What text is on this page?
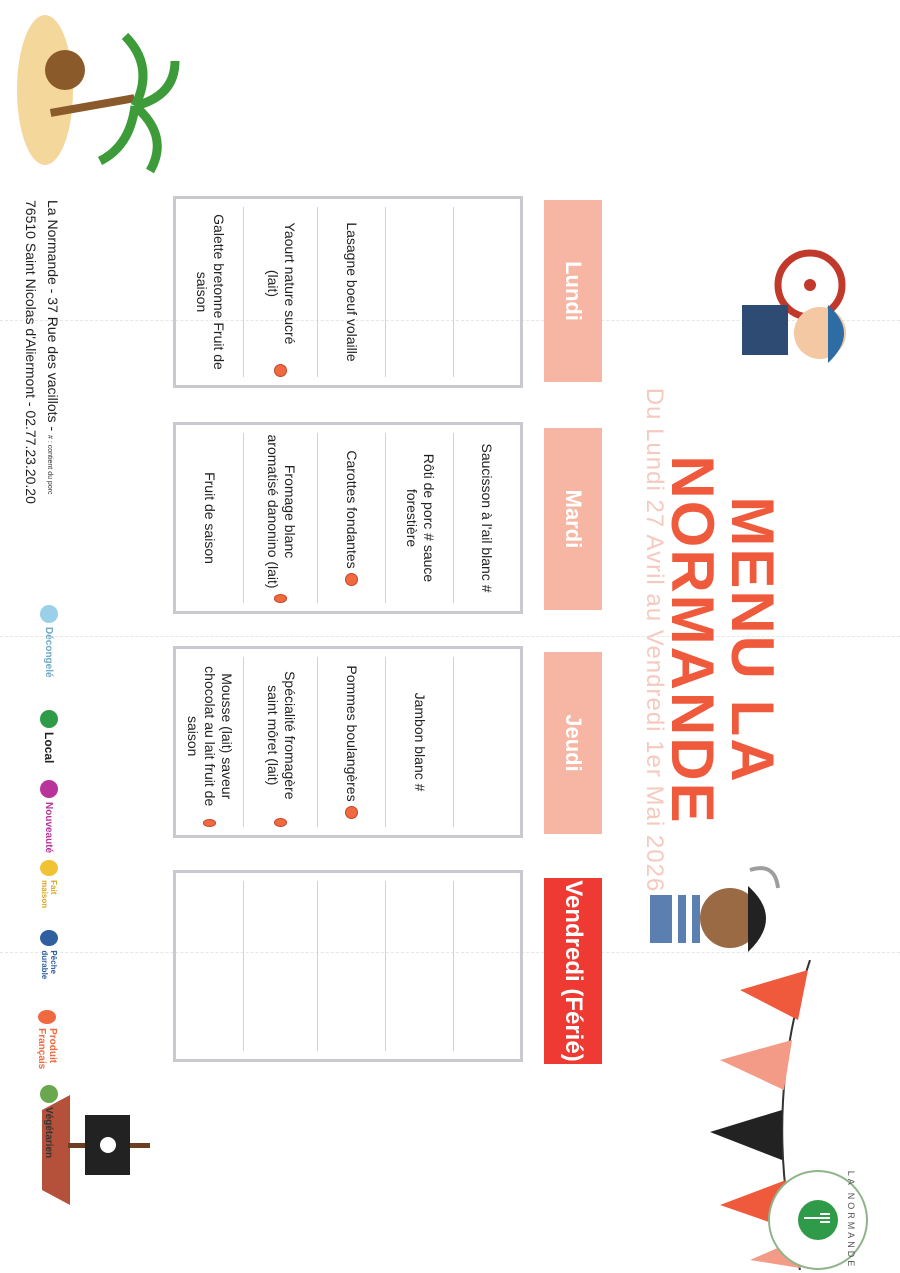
LA NORMANDE
MENU LA
NORMANDE
Du Lundi 27 Avril au Vendredi 1er Mai 2026
Lundi
Mardi
Jeudi
Vendredi (Férié)
Lasagne boeuf volaille
Yaourt nature sucré (lait)
Galette bretonne Fruit de saison
Saucisson à l'ail blanc #
Rôti de porc # sauce forestière
Carottes fondantes
Fromage blanc aromatisé danonino (lait)
Fruit de saison
Jambon blanc #
Pommes boulangères
Spécialité fromagère saint môret (lait)
Mousse (lait) saveur chocolat au lait fruit de saison
La Normande - 37 Rue des vacillots - # : contient du porc
76510 Saint Nicolas d'Aliermont - 02.77.23.20.20
Décongelé
Local
Nouveauté
Fait maison
Pêche durable
Produit Français
Végétarien
